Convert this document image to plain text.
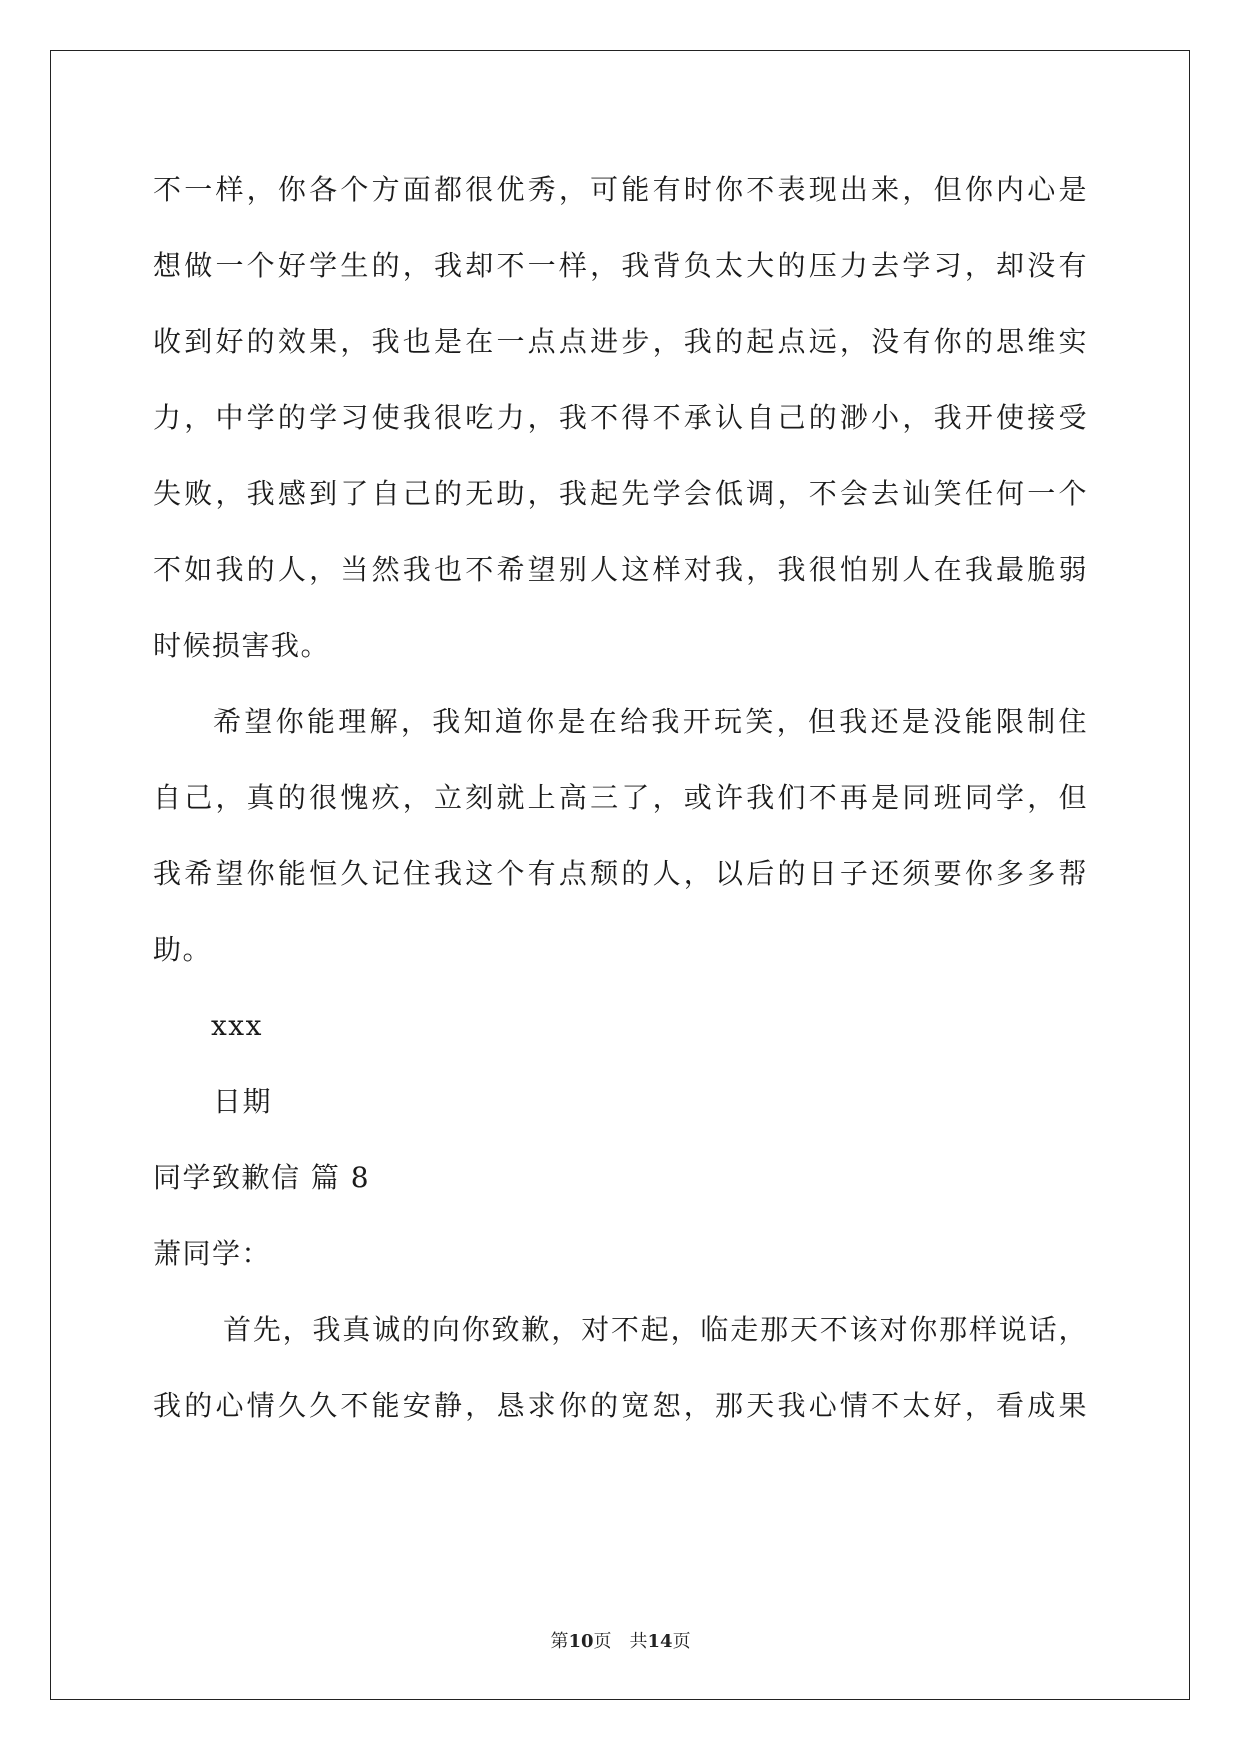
不一样，你各个方面都很优秀，可能有时你不表现出来，但你内心是
想做一个好学生的，我却不一样，我背负太大的压力去学习，却没有
收到好的效果，我也是在一点点进步，我的起点远，没有你的思维实
力，中学的学习使我很吃力，我不得不承认自己的渺小，我开使接受
失败，我感到了自己的无助，我起先学会低调，不会去讪笑任何一个
不如我的人，当然我也不希望别人这样对我，我很怕别人在我最脆弱
时候损害我。
希望你能理解，我知道你是在给我开玩笑，但我还是没能限制住
自己，真的很愧疚，立刻就上高三了，或许我们不再是同班同学，但
我希望你能恒久记住我这个有点颓的人，以后的日子还须要你多多帮
助。
xxx
日期
同学致歉信 篇 8
萧同学：
首先，我真诚的向你致歉，对不起，临走那天不该对你那样说话，
我的心情久久不能安静，恳求你的宽恕，那天我心情不太好，看成果
第10页　共14页
